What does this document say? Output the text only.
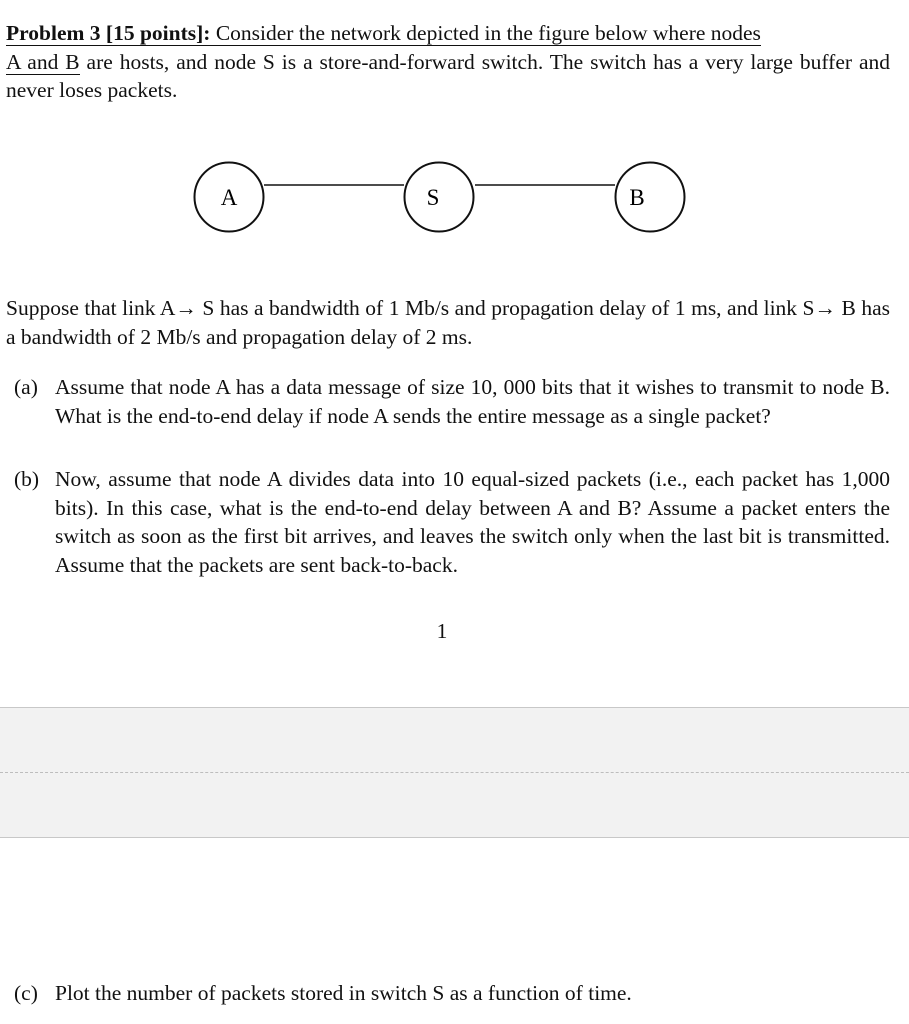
Problem 3 [15 points]: Consider the network depicted in the figure below where nodes
A and B are hosts, and node S is a store-and-forward switch. The switch has a very large buffer and never loses packets.
A	S	B
Suppose that link A→ S has a bandwidth of 1 Mb/s and propagation delay of 1 ms, and link S→ B has a bandwidth of 2 Mb/s and propagation delay of 2 ms.
(a) Assume that node A has a data message of size 10, 000 bits that it wishes to transmit to node B. What is the end-to-end delay if node A sends the entire message as a single packet?
(b) Now, assume that node A divides data into 10 equal-sized packets (i.e., each packet has 1,000 bits). In this case, what is the end-to-end delay between A and B? Assume a packet enters the switch as soon as the first bit arrives, and leaves the switch only when the last bit is transmitted. Assume that the packets are sent back-to-back.
1
(c) Plot the number of packets stored in switch S as a function of time.
